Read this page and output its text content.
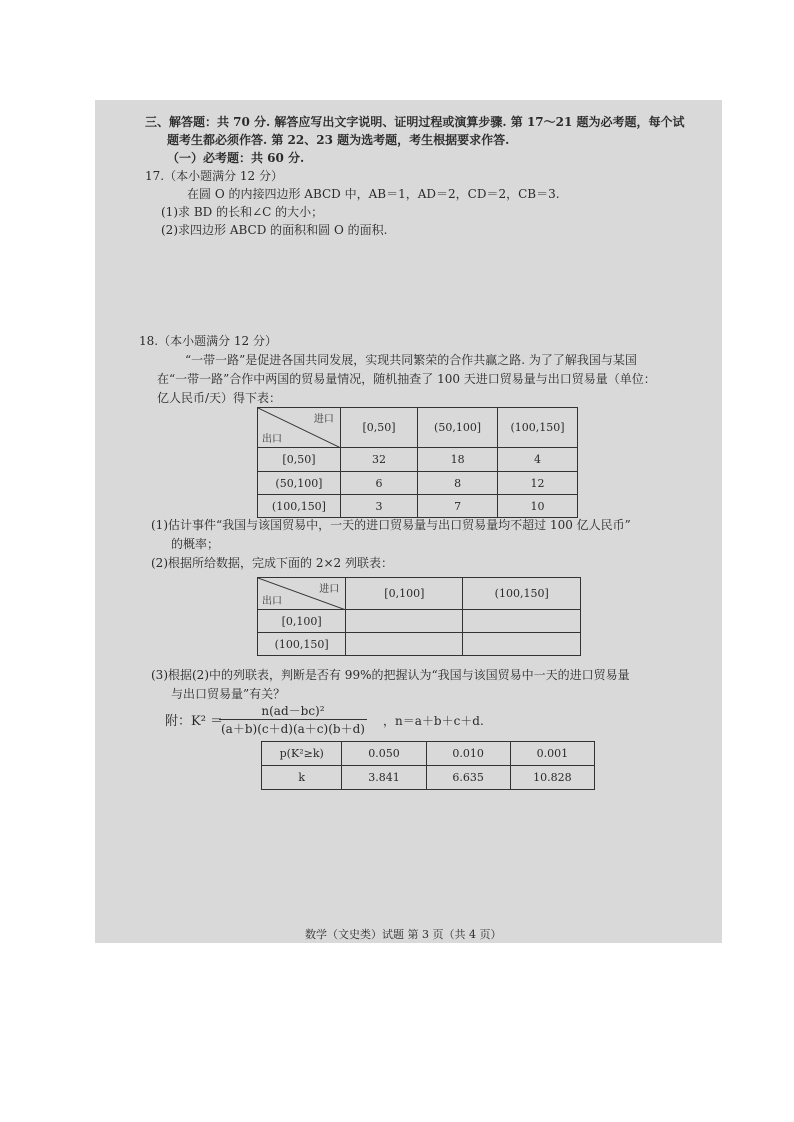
三、解答题：共 70 分. 解答应写出文字说明、证明过程或演算步骤. 第 17～21 题为必考题，每个试
题考生都必须作答. 第 22、23 题为选考题，考生根据要求作答.
（一）必考题：共 60 分.
17.（本小题满分 12 分）
在圆 O 的内接四边形 ABCD 中，AB＝1，AD＝2，CD＝2，CB＝3.
(1)求 BD 的长和∠C 的大小；
(2)求四边形 ABCD 的面积和圆 O 的面积.
18.（本小题满分 12 分）
“一带一路”是促进各国共同发展，实现共同繁荣的合作共赢之路. 为了了解我国与某国
在“一带一路”合作中两国的贸易量情况，随机抽查了 100 天进口贸易量与出口贸易量（单位：
亿人民币/天）得下表：
进口
出口	[0,50]	(50,100]	(100,150]
[0,50]	32	18	4
(50,100]	6	8	12
(100,150]	3	7	10
(1)估计事件“我国与该国贸易中，一天的进口贸易量与出口贸易量均不超过 100 亿人民币”
的概率；
(2)根据所给数据，完成下面的 2×2 列联表：
进口
出口	[0,100]	(100,150]
[0,100]		
(100,150]		
(3)根据(2)中的列联表，判断是否有 99%的把握认为“我国与该国贸易中一天的进口贸易量
与出口贸易量”有关？
附：K² ＝
$\frac{\text{n(ad－bc)²}}{(a+b)(c+d)(a+c)(b+d)}$ ，n＝a＋b＋c＋d.
p(K²≥k)	0.050	0.010	0.001
k	3.841	6.635	10.828
数学（文史类）试题 第 3 页（共 4 页）
